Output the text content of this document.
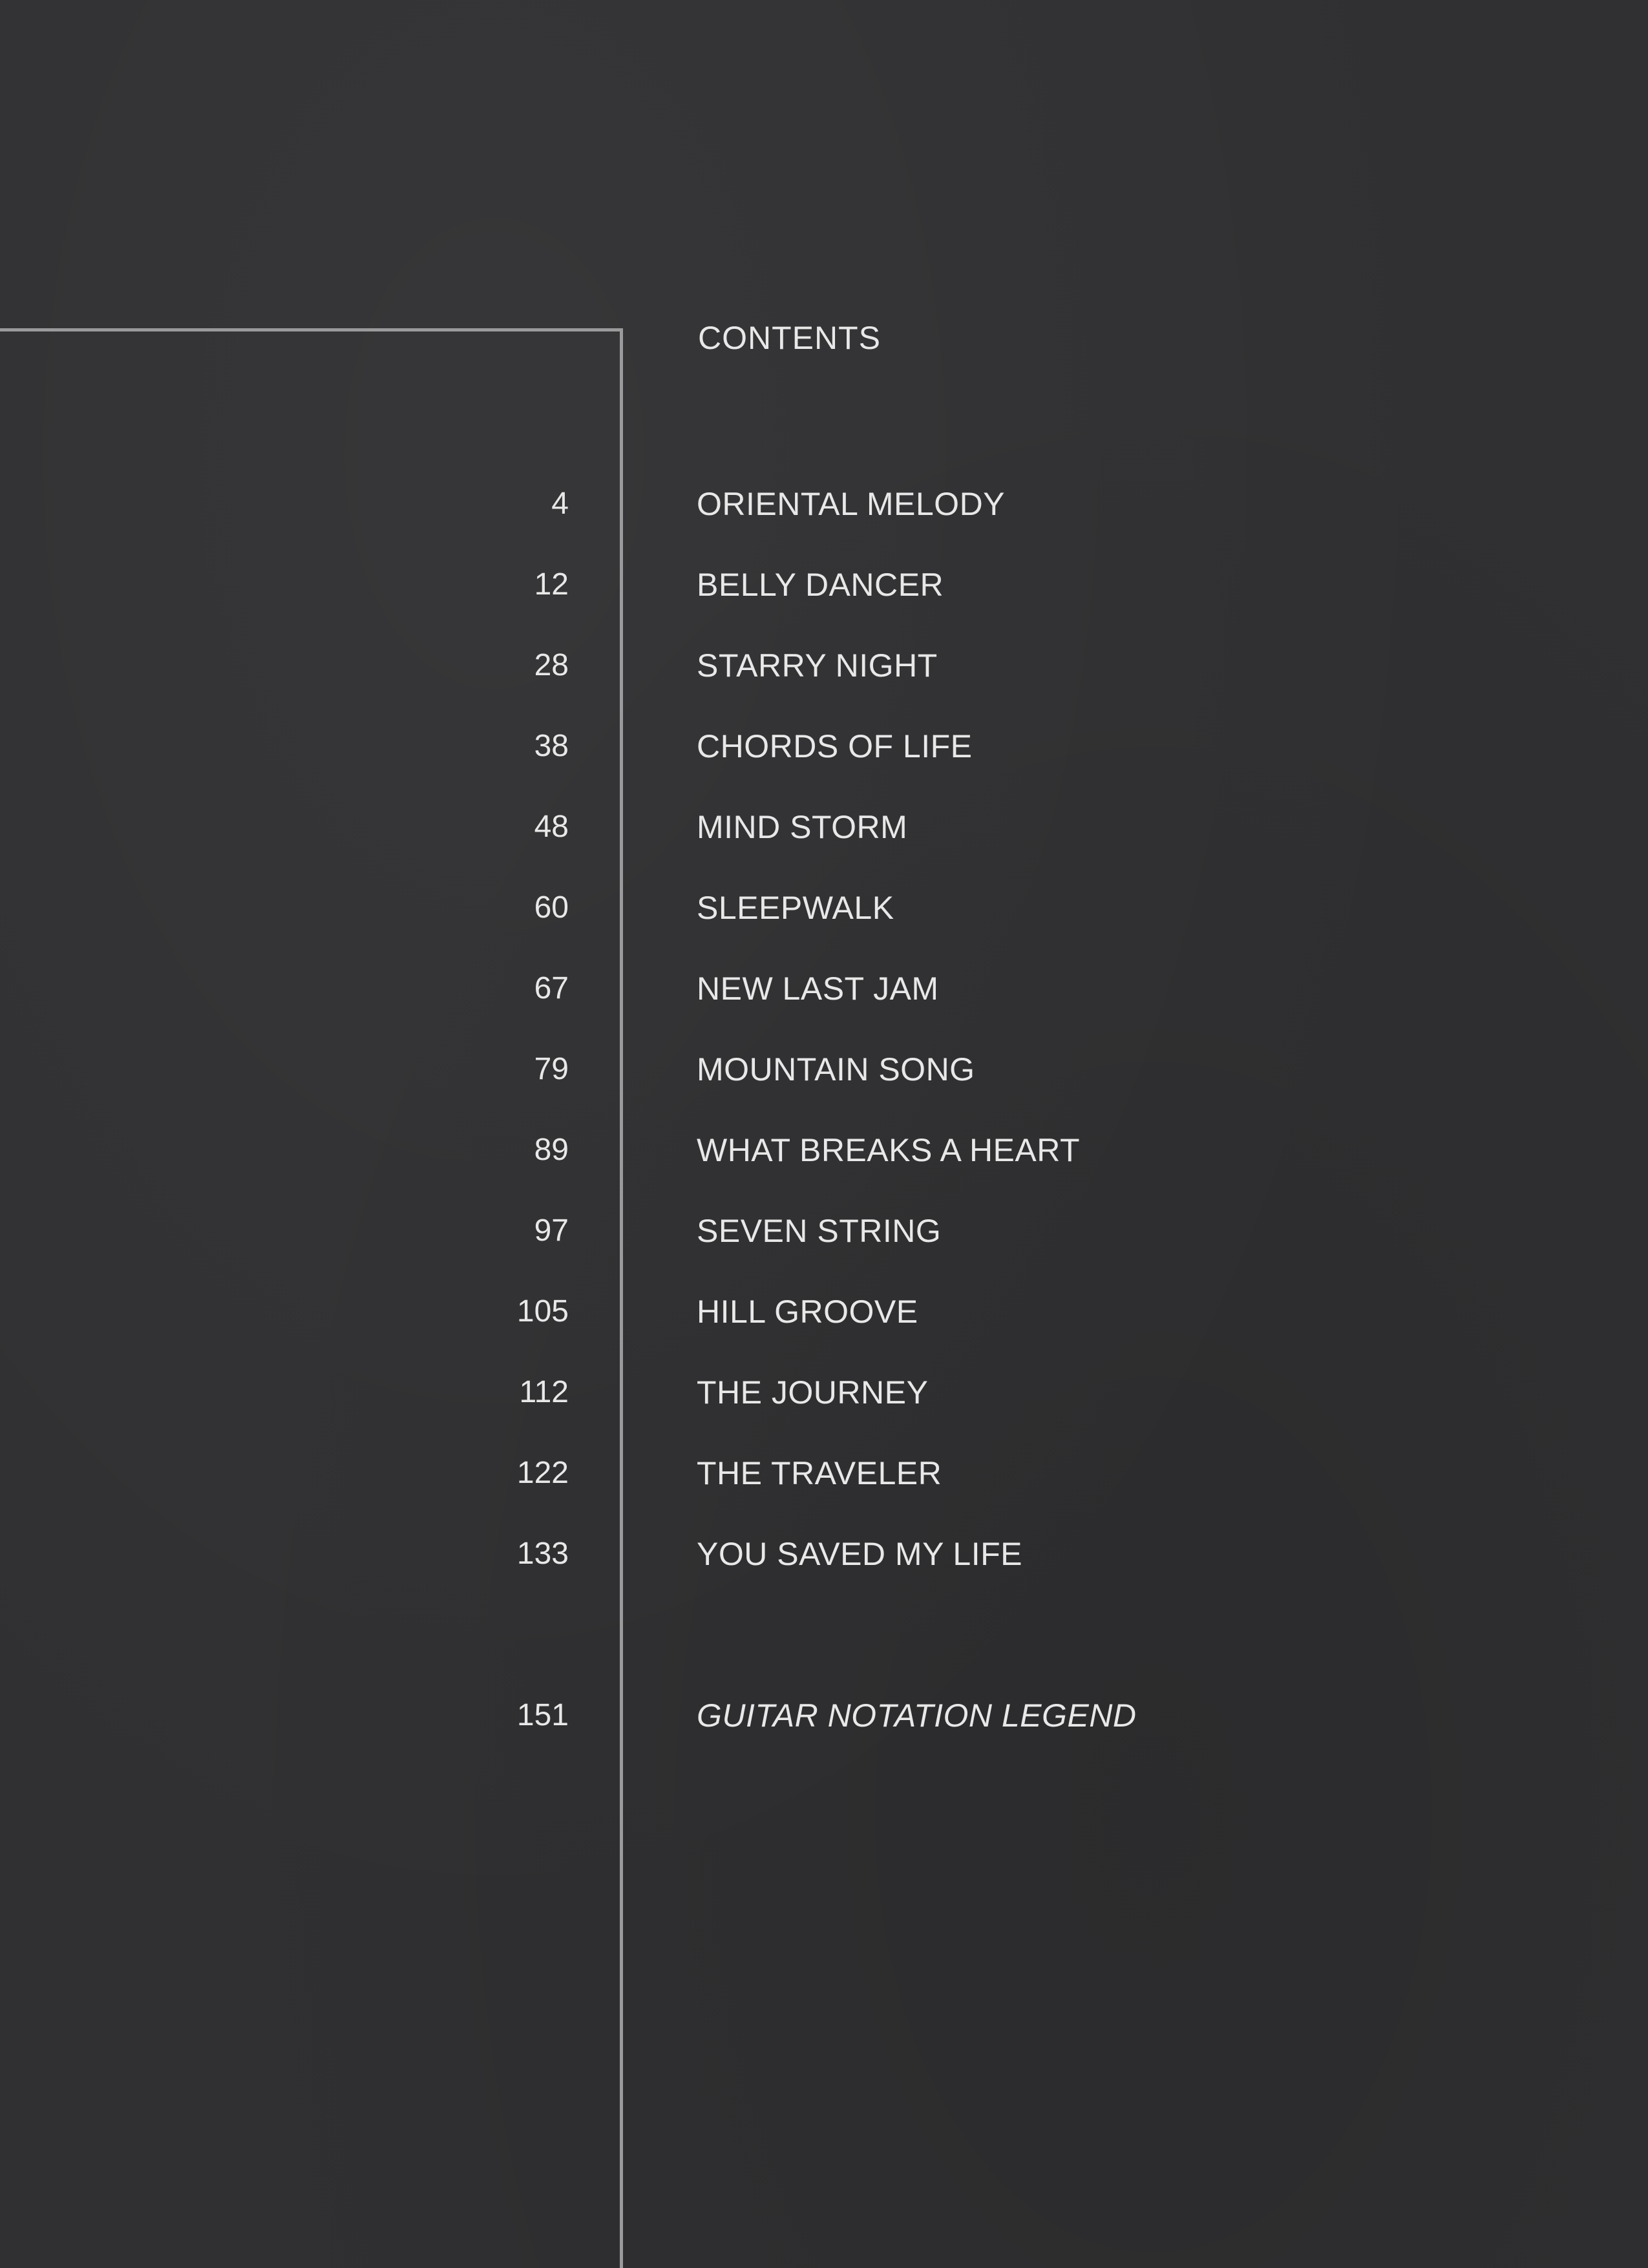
CONTENTS
4	ORIENTAL MELODY
12	BELLY DANCER
28	STARRY NIGHT
38	CHORDS OF LIFE
48	MIND STORM
60	SLEEPWALK
67	NEW LAST JAM
79	MOUNTAIN SONG
89	WHAT BREAKS A HEART
97	SEVEN STRING
105	HILL GROOVE
112	THE JOURNEY
122	THE TRAVELER
133	YOU SAVED MY LIFE
151	GUITAR NOTATION LEGEND
